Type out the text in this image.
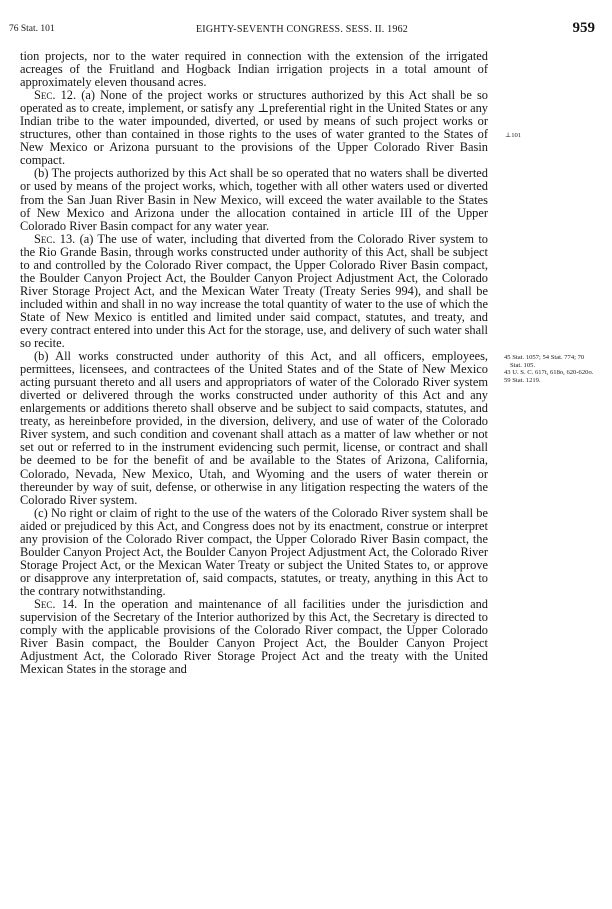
76 Stat. 101	EIGHTY-SEVENTH CONGRESS. SESS. II. 1962	959

tion projects, nor to the water required in connection with the extension of the irrigated acreages of the Fruitland and Hogback Indian irrigation projects in a total amount of approximately eleven thousand acres.

Sec. 12. (a) None of the project works or structures authorized by this Act shall be so operated as to create, implement, or satisfy any ⊥preferential right in the United States or any Indian tribe to the water impounded, diverted, or used by means of such project works or structures, other than contained in those rights to the uses of water granted to the States of New Mexico or Arizona pursuant to the provisions of the Upper Colorado River Basin compact.

(b) The projects authorized by this Act shall be so operated that no waters shall be diverted or used by means of the project works, which, together with all other waters used or diverted from the San Juan River Basin in New Mexico, will exceed the water available to the States of New Mexico and Arizona under the allocation contained in article III of the Upper Colorado River Basin compact for any water year.

Sec. 13. (a) The use of water, including that diverted from the Colorado River system to the Rio Grande Basin, through works constructed under authority of this Act, shall be subject to and controlled by the Colorado River compact, the Upper Colorado River Basin compact, the Boulder Canyon Project Act, the Boulder Canyon Project Adjustment Act, the Colorado River Storage Project Act, and the Mexican Water Treaty (Treaty Series 994), and shall be included within and shall in no way increase the total quantity of water to the use of which the State of New Mexico is entitled and limited under said compact, statutes, and treaty, and every contract entered into under this Act for the storage, use, and delivery of such water shall so recite.

(b) All works constructed under authority of this Act, and all officers, employees, permittees, licensees, and contractees of the United States and of the State of New Mexico acting pursuant thereto and all users and appropriators of water of the Colorado River system diverted or delivered through the works constructed under authority of this Act and any enlargements or additions thereto shall observe and be subject to said compacts, statutes, and treaty, as hereinbefore provided, in the diversion, delivery, and use of water of the Colorado River system, and such condition and covenant shall attach as a matter of law whether or not set out or referred to in the instrument evidencing such permit, license, or contract and shall be deemed to be for the benefit of and be available to the States of Arizona, California, Colorado, Nevada, New Mexico, Utah, and Wyoming and the users of water therein or thereunder by way of suit, defense, or otherwise in any litigation respecting the waters of the Colorado River system.

(c) No right or claim of right to the use of the waters of the Colorado River system shall be aided or prejudiced by this Act, and Congress does not by its enactment, construe or interpret any provision of the Colorado River compact, the Upper Colorado River Basin compact, the Boulder Canyon Project Act, the Boulder Canyon Project Adjustment Act, the Colorado River Storage Project Act, or the Mexican Water Treaty or subject the United States to, or approve or disapprove any interpretation of, said compacts, statutes, or treaty, anything in this Act to the contrary notwithstanding.

Sec. 14. In the operation and maintenance of all facilities under the jurisdiction and supervision of the Secretary of the Interior authorized by this Act, the Secretary is directed to comply with the applicable provisions of the Colorado River compact, the Upper Colorado River Basin compact, the Boulder Canyon Project Act, the Boulder Canyon Project Adjustment Act, the Colorado River Storage Project Act and the treaty with the United Mexican States in the storage and

⊥101
45 Stat. 1057; 54 Stat. 774; 70 Stat. 105.
43 U. S. C. 617t, 618o, 620-620o.
59 Stat. 1219.
